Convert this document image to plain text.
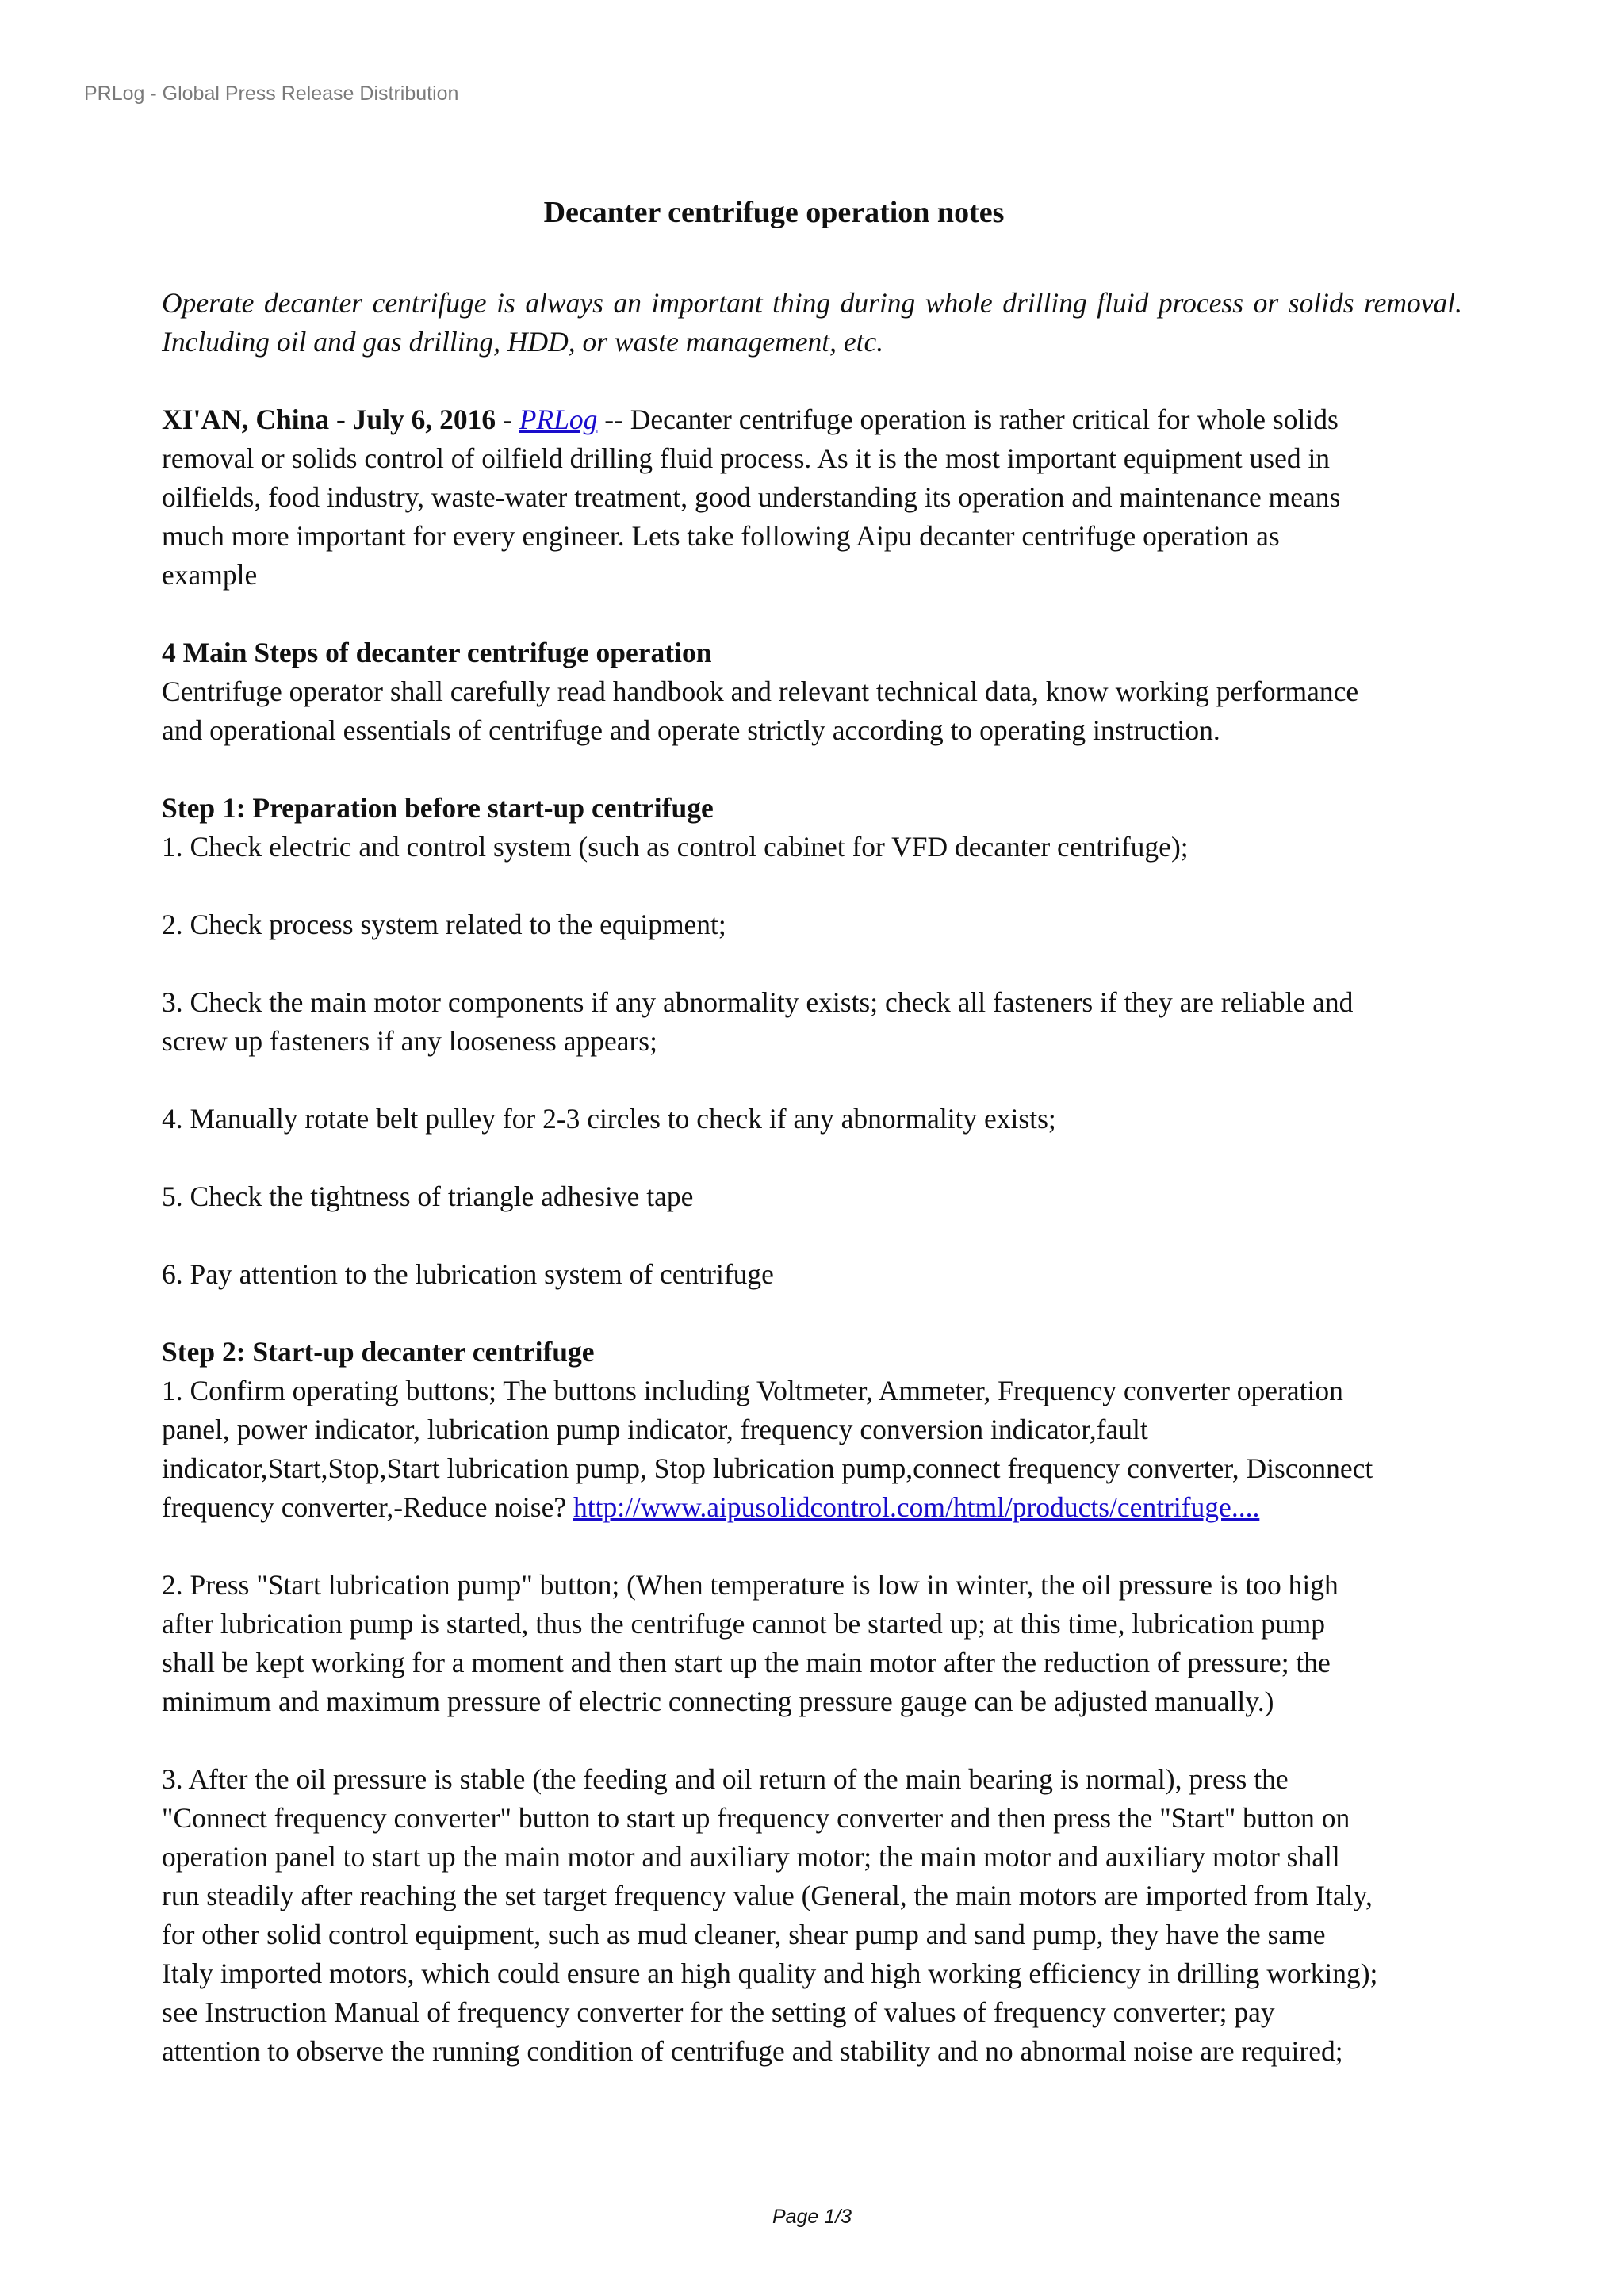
PRLog - Global Press Release Distribution
Decanter centrifuge operation notes

Operate decanter centrifuge is always an important thing during whole drilling fluid process or solids removal. Including oil and gas drilling, HDD, or waste management, etc.

XI'AN, China - July 6, 2016 - PRLog -- Decanter centrifuge operation is rather critical for whole solids
removal or solids control of oilfield drilling fluid process. As it is the most important equipment used in
oilfields, food industry, waste-water treatment, good understanding its operation and maintenance means
much more important for every engineer. Lets take following Aipu decanter centrifuge operation as
example

4 Main Steps of decanter centrifuge operation
Centrifuge operator shall carefully read handbook and relevant technical data, know working performance
and operational essentials of centrifuge and operate strictly according to operating instruction.

Step 1: Preparation before start-up centrifuge
1. Check electric and control system (such as control cabinet for VFD decanter centrifuge);

2. Check process system related to the equipment;

3. Check the main motor components if any abnormality exists; check all fasteners if they are reliable and
screw up fasteners if any looseness appears;

4. Manually rotate belt pulley for 2-3 circles to check if any abnormality exists;

5. Check the tightness of triangle adhesive tape

6. Pay attention to the lubrication system of centrifuge

Step 2: Start-up decanter centrifuge
1. Confirm operating buttons; The buttons including Voltmeter, Ammeter, Frequency converter operation
panel, power indicator, lubrication pump indicator, frequency conversion indicator,fault
indicator,Start,Stop,Start lubrication pump, Stop lubrication pump,connect frequency converter, Disconnect
frequency converter,-Reduce noise? http://www.aipusolidcontrol.com/html/products/centrifuge....

2. Press "Start lubrication pump" button; (When temperature is low in winter, the oil pressure is too high
after lubrication pump is started, thus the centrifuge cannot be started up; at this time, lubrication pump
shall be kept working for a moment and then start up the main motor after the reduction of pressure; the
minimum and maximum pressure of electric connecting pressure gauge can be adjusted manually.)

3. After the oil pressure is stable (the feeding and oil return of the main bearing is normal), press the
"Connect frequency converter" button to start up frequency converter and then press the "Start" button on
operation panel to start up the main motor and auxiliary motor; the main motor and auxiliary motor shall
run steadily after reaching the set target frequency value (General, the main motors are imported from Italy,
for other solid control equipment, such as mud cleaner, shear pump and sand pump, they have the same
Italy imported motors, which could ensure an high quality and high working efficiency in drilling working);
see Instruction Manual of frequency converter for the setting of values of frequency converter; pay
attention to observe the running condition of centrifuge and stability and no abnormal noise are required;

Page 1/3
